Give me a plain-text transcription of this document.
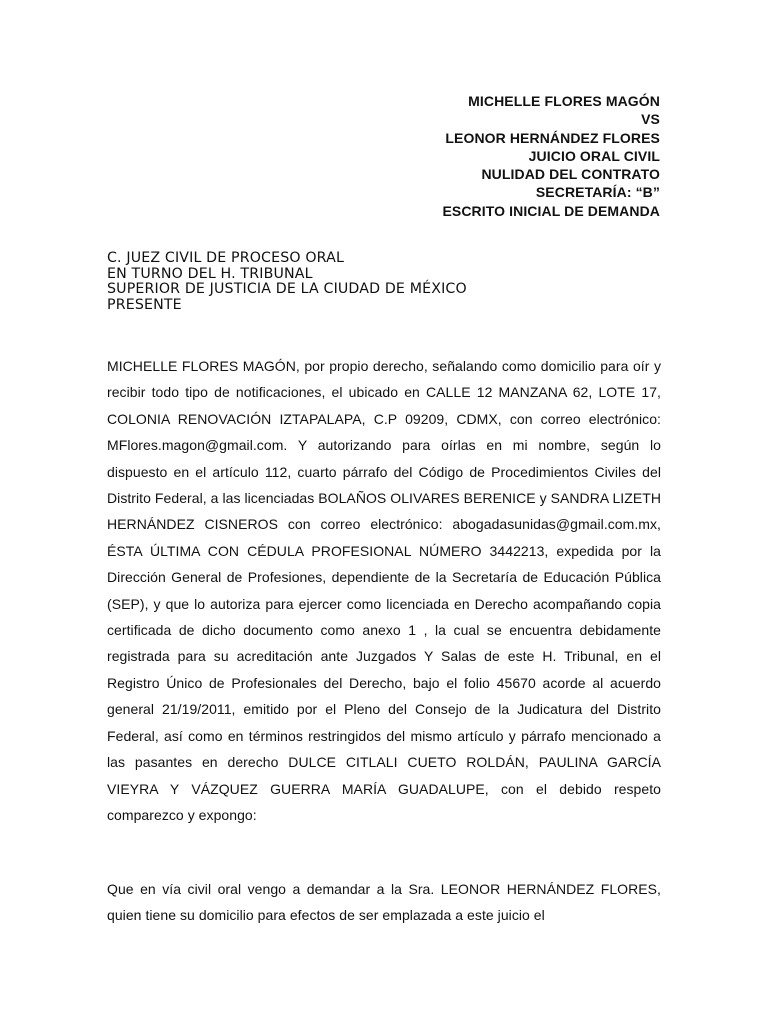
MICHELLE FLORES MAGÓN
VS
LEONOR HERNÁNDEZ FLORES
JUICIO ORAL CIVIL
NULIDAD DEL CONTRATO
SECRETARÍA: “B”
ESCRITO INICIAL DE DEMANDA
C. JUEZ CIVIL DE PROCESO ORAL
EN TURNO DEL H. TRIBUNAL
SUPERIOR DE JUSTICIA DE LA CIUDAD DE MÉXICO
PRESENTE

MICHELLE FLORES MAGÓN, por propio derecho, señalando como domicilio para oír y recibir todo tipo de notificaciones, el ubicado en CALLE 12 MANZANA 62, LOTE 17, COLONIA RENOVACIÓN IZTAPALAPA, C.P 09209, CDMX, con correo electrónico: MFlores.magon@gmail.com. Y autorizando para oírlas en mi nombre, según lo dispuesto en el artículo 112, cuarto párrafo del Código de Procedimientos Civiles del Distrito Federal, a las licenciadas BOLAÑOS OLIVARES BERENICE y SANDRA LIZETH HERNÁNDEZ CISNEROS con correo electrónico: abogadasunidas@gmail.com.mx, ÉSTA ÚLTIMA CON CÉDULA PROFESIONAL NÚMERO 3442213, expedida por la Dirección General de Profesiones, dependiente de la Secretaría de Educación Pública (SEP), y que lo autoriza para ejercer como licenciada en Derecho acompañando copia certificada de dicho documento como anexo 1 , la cual se encuentra debidamente registrada para su acreditación ante Juzgados Y Salas de este H. Tribunal, en el Registro Único de Profesionales del Derecho, bajo el folio 45670 acorde al acuerdo general 21/19/2011, emitido por el Pleno del Consejo de la Judicatura del Distrito Federal, así como en términos restringidos del mismo artículo y párrafo mencionado a las pasantes en derecho DULCE CITLALI CUETO ROLDÁN, PAULINA GARCÍA VIEYRA Y VÁZQUEZ GUERRA MARÍA GUADALUPE, con el debido respeto comparezco y expongo:

Que en vía civil oral vengo a demandar a la Sra. LEONOR HERNÁNDEZ FLORES, quien tiene su domicilio para efectos de ser emplazada a este juicio el
